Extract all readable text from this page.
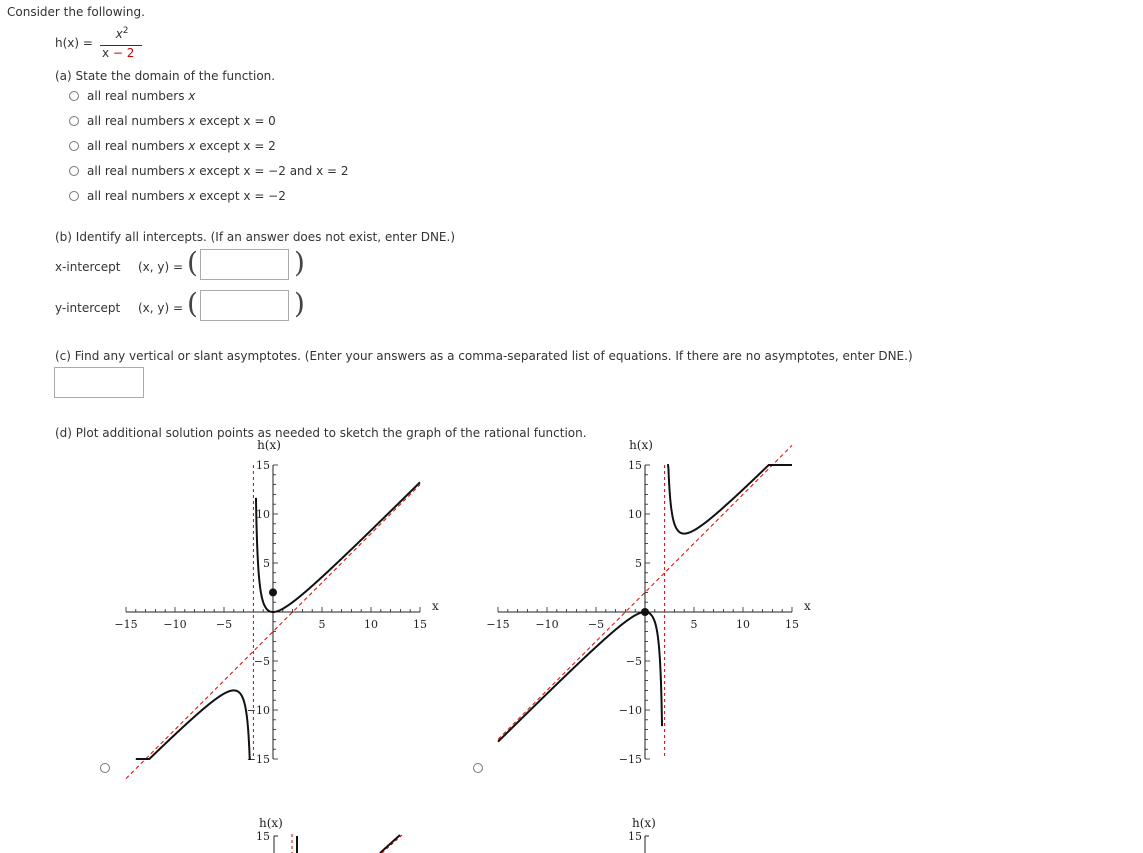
Consider the following.
h(x) =
$x^2$
x − 2
(a) State the domain of the function.
all real numbers x
all real numbers x except x = 0
all real numbers x except x = 2
all real numbers x except x = −2 and x = 2
all real numbers x except x = −2
(b) Identify all intercepts. (If an answer does not exist, enter DNE.)
x-intercept (x, y) = (	)
y-intercept (x, y) = (	)
(c) Find any vertical or slant asymptotes. (Enter your answers as a comma-separated list of equations. If there are no asymptotes, enter DNE.)
(d) Plot additional solution points as needed to sketch the graph of the rational function.
h(x)
x
−15 −10	−5	5	10	15
15
10
5
−5
−10
−15
h(x)
x
−15 −10	−5	5	10	15
15
10
5
−5
−10
−15
h(x)
15
h(x)
15
